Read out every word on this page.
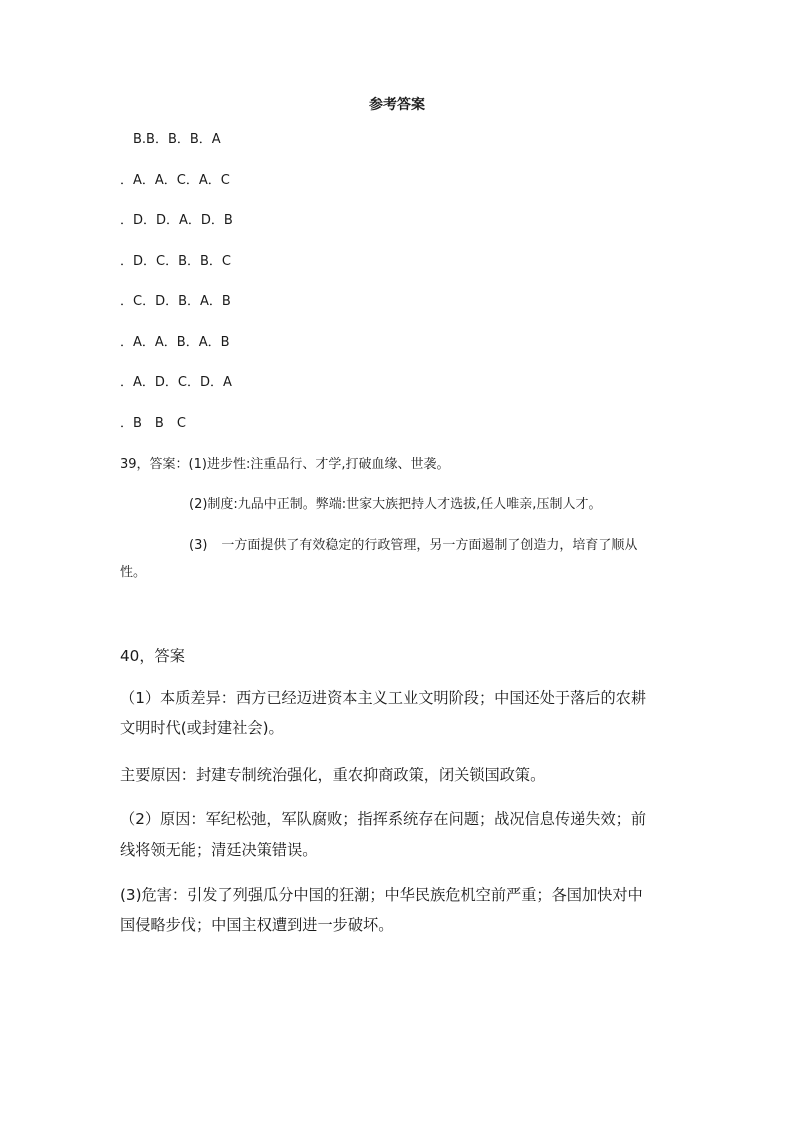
参考答案
B.B．B．B．A
．A．A．C．A．C
．D．D．A．D．B
．D．C．B．B．C
．C．D．B．A．B
．A．A．B．A．B
．A．D．C．D．A
．B　B　C
39，答案：(1)进步性:注重品行、才学,打破血缘、世袭。
(2)制度:九品中正制。弊端:世家大族把持人才选拔,任人唯亲,压制人才。
(3) 一方面提供了有效稳定的行政管理，另一方面遏制了创造力，培育了顺从
性。
40，答案
（1）本质差异：西方已经迈进资本主义工业文明阶段；中国还处于落后的农耕
文明时代(或封建社会)。
主要原因：封建专制统治强化，重农抑商政策，闭关锁国政策。
（2）原因：军纪松弛，军队腐败；指挥系统存在问题；战况信息传递失效；前
线将领无能；清廷决策错误。
(3)危害：引发了列强瓜分中国的狂潮；中华民族危机空前严重；各国加快对中
国侵略步伐；中国主权遭到进一步破坏。
